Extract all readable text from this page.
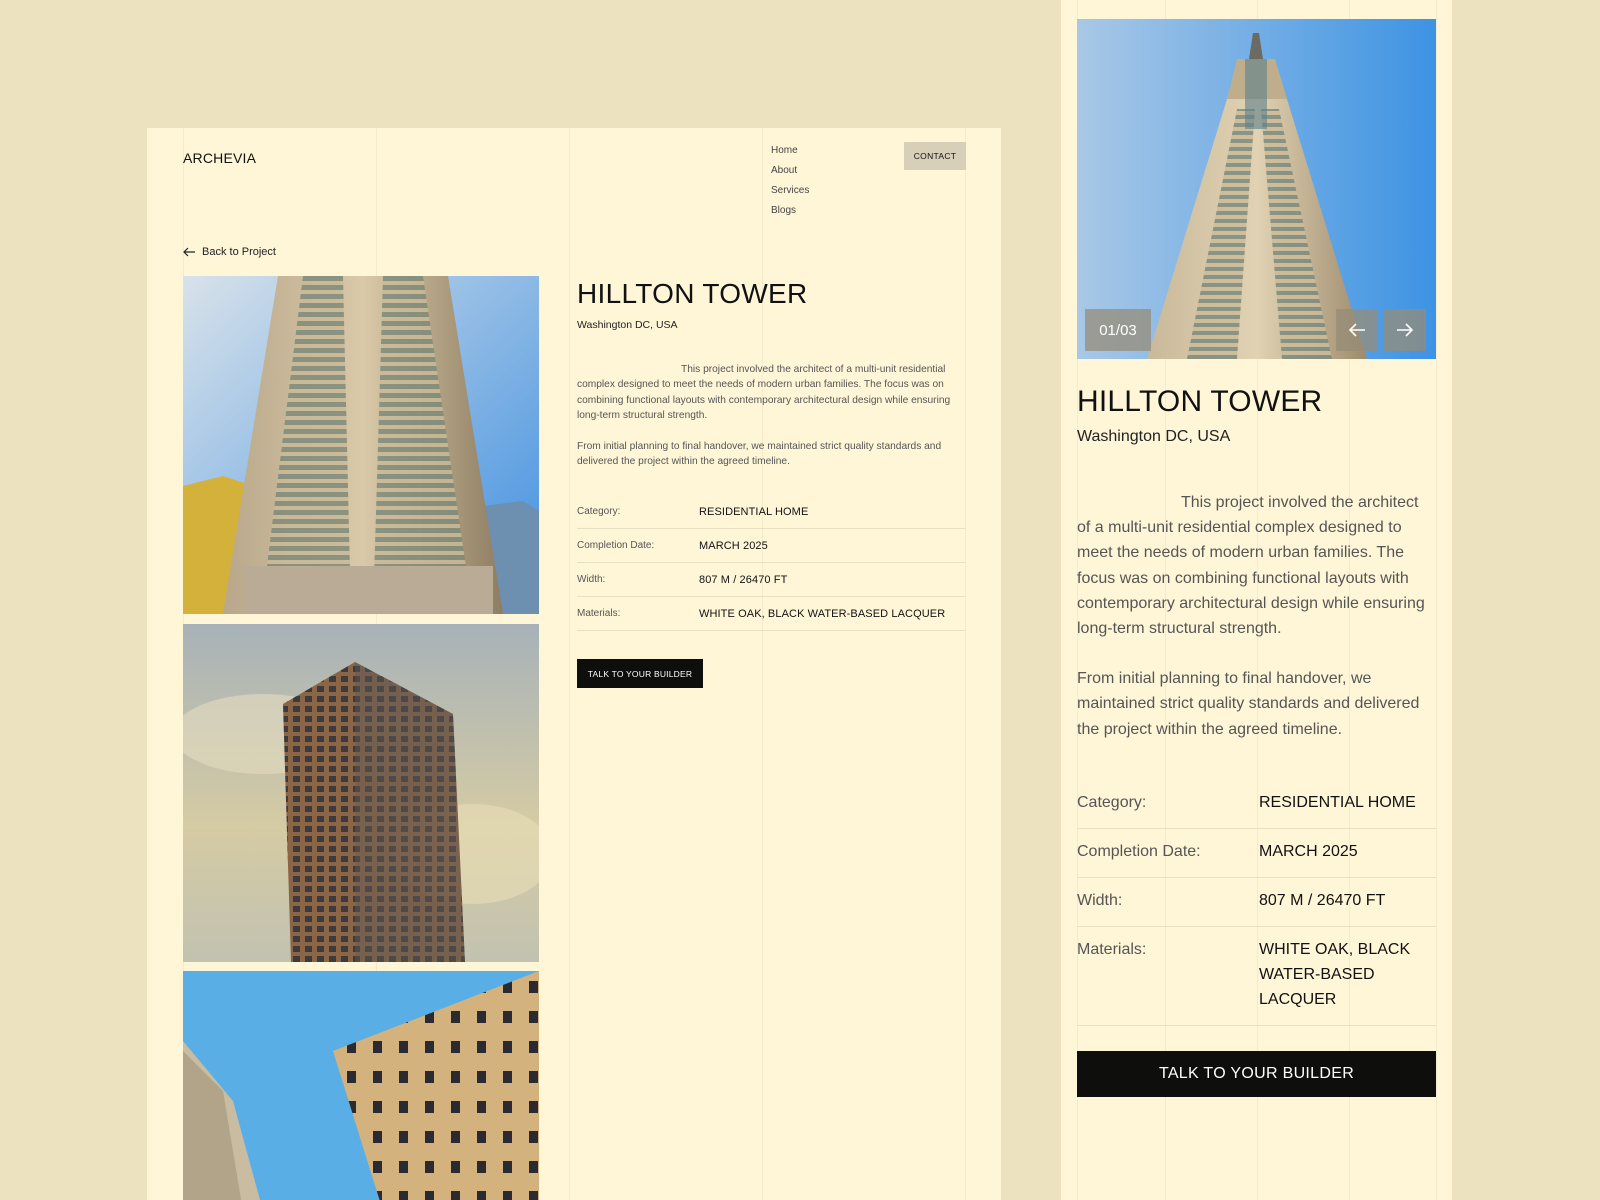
ARCHEVIA	Home
About
Services
Blogs
CONTACT
Back to Project
HILLTON TOWER
Washington DC, USA

This project involved the architect of a multi-unit residential complex designed to meet the needs of modern urban families. The focus was on combining functional layouts with contemporary architectural design while ensuring long-term structural strength.

From initial planning to final handover, we maintained strict quality standards and delivered the project within the agreed timeline.

Category:	RESIDENTIAL HOME
Completion Date:	MARCH 2025
Width:	807 M / 26470 FT
Materials:	WHITE OAK, BLACK WATER-BASED LACQUER
TALK TO YOUR BUILDER
01/03
HILLTON TOWER
Washington DC, USA

This project involved the architect of a multi-unit residential complex designed to meet the needs of modern urban families. The focus was on combining functional layouts with contemporary architectural design while ensuring long-term structural strength.

From initial planning to final handover, we maintained strict quality standards and delivered the project within the agreed timeline.

Category:	RESIDENTIAL HOME
Completion Date:	MARCH 2025
Width:	807 M / 26470 FT
Materials:	WHITE OAK, BLACK WATER-BASED LACQUER
TALK TO YOUR BUILDER
